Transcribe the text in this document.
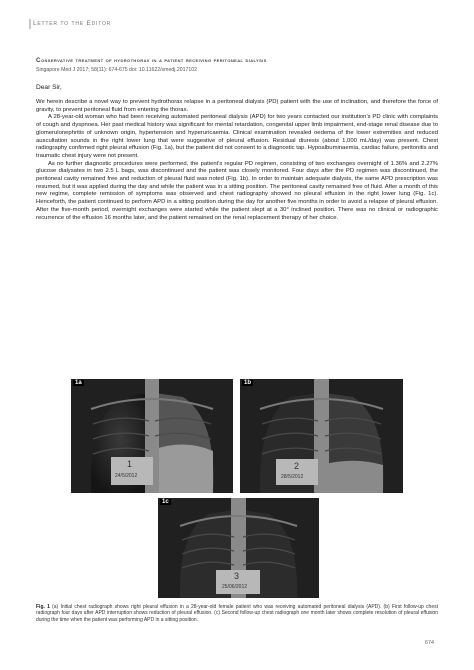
Letter to the Editor
Conservative treatment of hydrothorax in a patient receiving peritoneal dialysis
Singapore Med J 2017; 58(11): 674-675 doi: 10.11622/smedj.2017102
Dear Sir,

We herein describe a novel way to prevent hydrothorax relapse in a peritoneal dialysis (PD) patient with the use of inclination, and therefore the force of gravity, to prevent peritoneal fluid from entering the thorax.

A 28-year-old woman who had been receiving automated peritoneal dialysis (APD) for two years contacted our institution's PD clinic with complaints of cough and dyspnoea. Her past medical history was significant for mental retardation, congenital upper limb impairment, end-stage renal disease due to glomerulonephritis of unknown origin, hypertension and hyperuricaemia. Clinical examination revealed oedema of the lower extremities and reduced auscultation sounds in the right lower lung that were suggestive of pleural effusion. Residual diuresis (about 1,000 mL/day) was present. Chest radiography confirmed right pleural effusion (Fig. 1a), but the patient did not consent to a diagnostic tap. Hypoalbuminaemia, cardiac failure, peritonitis and traumatic chest injury were not present.

As no further diagnostic procedures were performed, the patient's regular PD regimen, consisting of two exchanges overnight of 1.36% and 2.27% glucose dialysates in two 2.5 L bags, was discontinued and the patient was closely monitored. Four days after the PD regimen was discontinued, the peritoneal cavity remained free and reduction of pleural fluid was noted (Fig. 1b). In order to maintain adequate dialysis, the same APD prescription was resumed, but it was applied during the day and while the patient was in a sitting position. The peritoneal cavity remained free of fluid. After a month of this new regime, complete remission of symptoms was observed and chest radiography showed no pleural effusion in the right lower lung (Fig. 1c). Henceforth, the patient continued to perform APD in a sitting position during the day for another five months in order to avoid a relapse of pleural effusion. After the five-month period, overnight exchanges were started while the patient slept at a 30° inclined position. There was no clinical or radiographic recurrence of the effusion 16 months later, and the patient remained on the renal replacement therapy of her choice.

1a
1
24/5/2012
1b
2
28/5/2012
1c
3
25/06/2012
Fig. 1 (a) Initial chest radiograph shows right pleural effusion in a 28-year-old female patient who was receiving automated peritoneal dialysis (APD). (b) First follow-up chest radiograph four days after APD interruption shows reduction of pleural effusion. (c) Second follow-up chest radiograph one month later shows complete resolution of pleural effusion during the time when the patient was performing APD in a sitting position.
674
